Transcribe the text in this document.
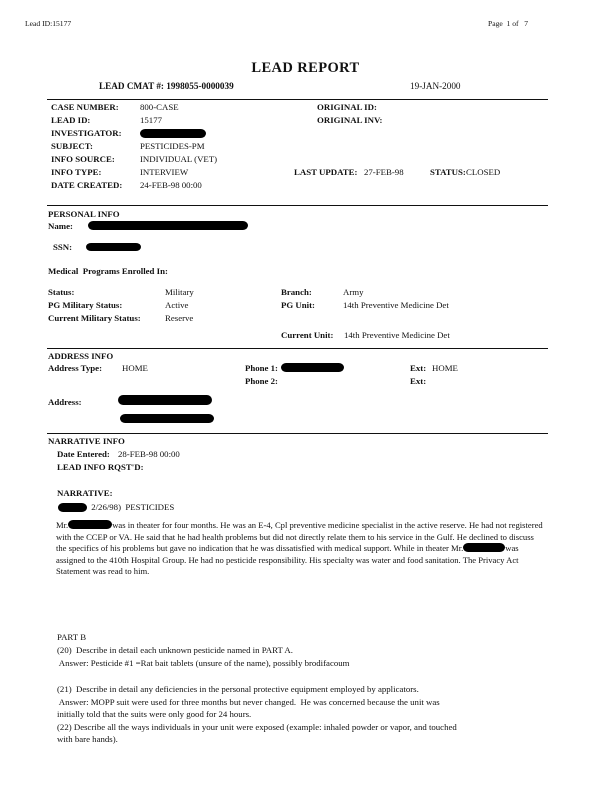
Lead ID:15177	Page  1 of   7
LEAD REPORT
LEAD CMAT #: 1998055-0000039	19-JAN-2000
CASE NUMBER: 800-CASE	ORIGINAL ID:
LEAD ID:	15177	ORIGINAL INV:
INVESTIGATOR:
SUBJECT:	PESTICIDES-PM
INFO SOURCE:	INDIVIDUAL (VET)
INFO TYPE:	INTERVIEW	LAST UPDATE: 27-FEB-98	STATUS: CLOSED
DATE CREATED: 24-FEB-98 00:00
PERSONAL INFO
Name:
SSN:
Medical  Programs Enrolled In:
Status:	Military	Branch:	Army
PG Military Status:	Active	PG Unit:	14th Preventive Medicine Det
Current Military Status:	Reserve
Current Unit: 14th Preventive Medicine Det
ADDRESS INFO
Address Type: HOME	Phone 1:	Ext: HOME
Phone 2:	Ext:
Address:
NARRATIVE INFO
Date Entered: 28-FEB-98 00:00
LEAD INFO RQST'D:
NARRATIVE:
2/26/98)  PESTICIDES
Mr.	was in theater for four months. He was an E-4, Cpl preventive medicine specialist in the active reserve. He had not registered with the CCEP or VA. He said that he had health problems but did not directly relate them to his service in the Gulf. He declined to discuss the specifics of his problems but gave no indication that he was dissatisfied with medical support. While in theater Mr.	was assigned to the 410th Hospital Group. He had no pesticide responsibility. His specialty was water and food sanitation. The Privacy Act Statement was read to him.
PART B
(20)  Describe in detail each unknown pesticide named in PART A.
Answer: Pesticide #1 =Rat bait tablets (unsure of the name), possibly brodifacoum
(21)  Describe in detail any deficiencies in the personal protective equipment employed by applicators.
Answer: MOPP suit were used for three months but never changed.  He was concerned because the unit was
initially told that the suits were only good for 24 hours.
(22) Describe all the ways individuals in your unit were exposed (example: inhaled powder or vapor, and touched
with bare hands).
